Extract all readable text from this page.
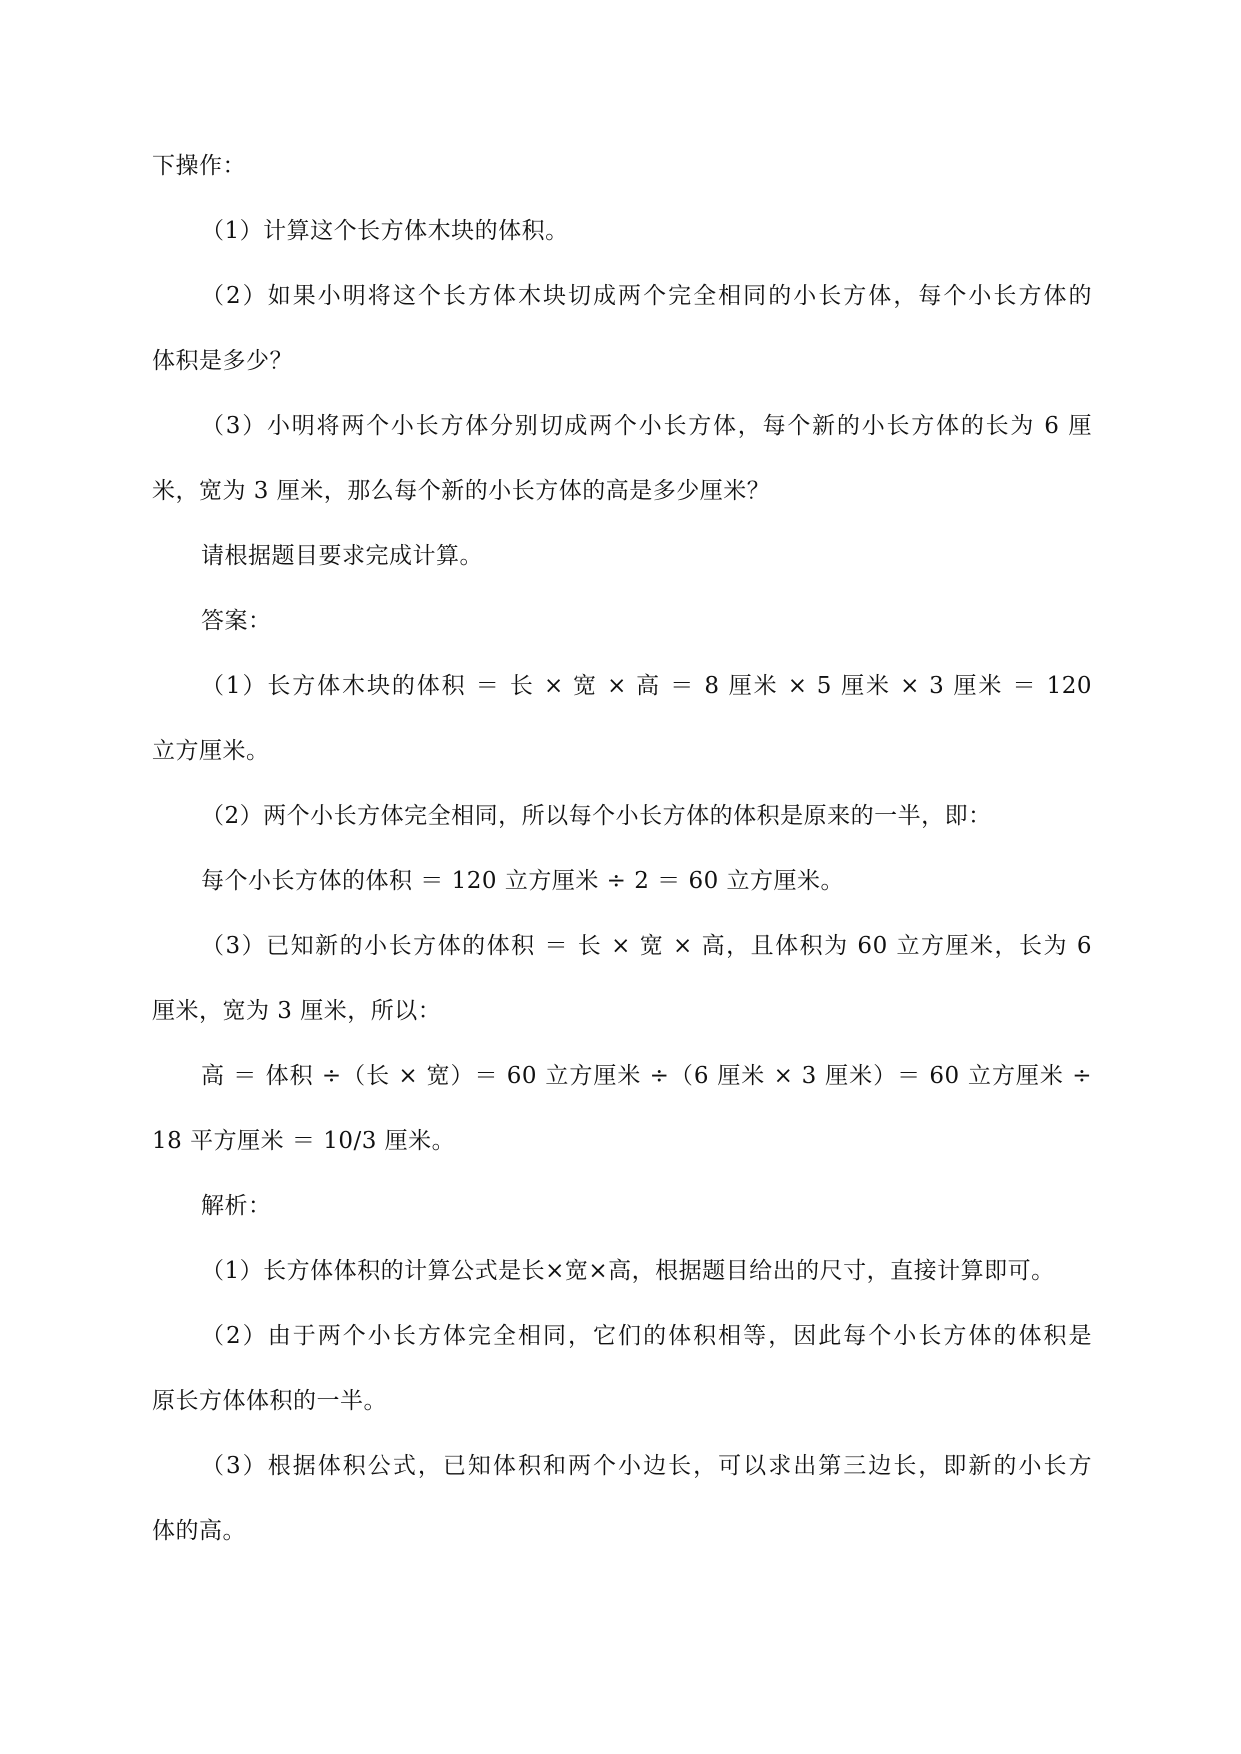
下操作：
（1）计算这个长方体木块的体积。
（2）如果小明将这个长方体木块切成两个完全相同的小长方体，每个小长方体的
体积是多少？
（3）小明将两个小长方体分别切成两个小长方体，每个新的小长方体的长为 6 厘
米，宽为 3 厘米，那么每个新的小长方体的高是多少厘米？
请根据题目要求完成计算。
答案：
（1）长方体木块的体积 ＝ 长 × 宽 × 高 ＝ 8 厘米 × 5 厘米 × 3 厘米 ＝ 120
立方厘米。
（2）两个小长方体完全相同，所以每个小长方体的体积是原来的一半，即：
每个小长方体的体积 ＝ 120 立方厘米 ÷ 2 ＝ 60 立方厘米。
（3）已知新的小长方体的体积 ＝ 长 × 宽 × 高，且体积为 60 立方厘米，长为 6
厘米，宽为 3 厘米，所以：
高 ＝ 体积 ÷（长 × 宽）＝ 60 立方厘米 ÷（6 厘米 × 3 厘米）＝ 60 立方厘米 ÷
18 平方厘米 ＝ 10/3 厘米。
解析：
（1）长方体体积的计算公式是长×宽×高，根据题目给出的尺寸，直接计算即可。
（2）由于两个小长方体完全相同，它们的体积相等，因此每个小长方体的体积是
原长方体体积的一半。
（3）根据体积公式，已知体积和两个小边长，可以求出第三边长，即新的小长方
体的高。
